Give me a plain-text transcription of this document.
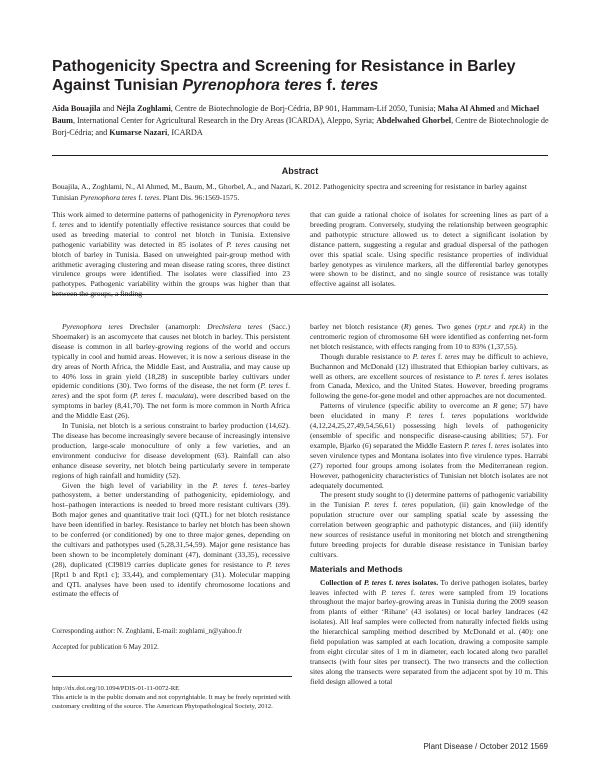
Pathogenicity Spectra and Screening for Resistance in Barley
Against Tunisian Pyrenophora teres f. teres
Aida Bouajila and Néjla Zoghlami, Centre de Biotechnologie de Borj-Cédria, BP 901, Hammam-Lif 2050, Tunisia; Maha Al Ahmed and Michael Baum, International Center for Agricultural Research in the Dry Areas (ICARDA), Aleppo, Syria; Abdelwahed Ghorbel, Centre de Biotechnologie de Borj-Cédria; and Kumarse Nazari, ICARDA
Abstract
Bouajila, A., Zoghlami, N., Al Ahmed, M., Baum, M., Ghorbel, A., and Nazari, K. 2012. Pathogenicity spectra and screening for resistance in barley against Tunisian Pyrenophora teres f. teres. Plant Dis. 96:1569-1575.
This work aimed to determine patterns of pathogenicity in Pyrenophora teres f. teres and to identify potentially effective resistance sources that could be used as breeding material to control net blotch in Tunisia. Extensive pathogenic variability was detected in 85 isolates of P. teres causing net blotch of barley in Tunisia. Based on unweighted pair-group method with arithmetic averaging clustering and mean disease rating scores, three distinct virulence groups were identified. The isolates were classified into 23 pathotypes. Pathogenic variability within the groups was higher than that between the groups, a finding
that can guide a rational choice of isolates for screening lines as part of a breeding program. Conversely, studying the relationship between geographic and pathotypic structure allowed us to detect a significant isolation by distance pattern, suggesting a regular and gradual dispersal of the pathogen over this spatial scale. Using specific resistance properties of individual barley genotypes as virulence markers, all the differential barley genotypes were shown to be distinct, and no single source of resistance was totally effective against all isolates.

Pyrenophora teres Drechsler (anamorph: Drechslera teres (Sacc.) Shoemaker) is an ascomycete that causes net blotch in barley. This persistent disease is common in all barley-growing regions of the world and occurs typically in cool and humid areas. However, it is now a serious disease in the dry areas of North Africa, the Middle East, and Australia, and may cause up to 40% loss in grain yield (18,28) in susceptible barley cultivars under epidemic conditions (30). Two forms of the disease, the net form (P. teres f. teres) and the spot form (P. teres f. maculata), were described based on the symptoms in barley (8,41,70). The net form is more common in North Africa and the Middle East (26).

In Tunisia, net blotch is a serious constraint to barley production (14,62). The disease has become increasingly severe because of increasingly intensive production, large-scale monoculture of only a few varieties, and an environment conducive for disease development (63). Rainfall can also enhance disease severity, net blotch being particularly severe in temperate regions of high rainfall and humidity (52).

Given the high level of variability in the P. teres f. teres–barley pathosystem, a better understanding of pathogenicity, epidemiology, and host–pathogen interactions is needed to breed more resistant cultivars (39). Both major genes and quantitative trait loci (QTL) for net blotch resistance have been identified in barley. Resistance to barley net blotch has been shown to be conferred (or conditioned) by one to three major genes, depending on the cultivars and pathotypes used (5,28,31,54,59). Major gene resistance has been shown to be incompletely dominant (47), dominant (33,35), recessive (28), duplicated (CI9819 carries duplicate genes for resistance to P. teres [Rpt1 b and Rpt1 c]; 33,44), and complementary (31). Molecular mapping and QTL analyses have been used to identify chromosome locations and estimate the effects of

Corresponding author: N. Zoghlami, E-mail: zoghlami_n@yahoo.fr
Accepted for publication 6 May 2012.
http://dx.doi.org/10.1094/PDIS-01-11-0072-RE
This article is in the public domain and not copyrightable. It may be freely reprinted with customary crediting of the source. The American Phytopathological Society, 2012.

barley net blotch resistance (R) genes. Two genes (rpt.r and rpt.k) in the centromeric region of chromosome 6H were identified as conferring net-form net blotch resistance, with effects ranging from 10 to 83% (1,37,55).

Though durable resistance to P. teres f. teres may be difficult to achieve, Buchannon and McDonald (12) illustrated that Ethiopian barley cultivars, as well as others, are excellent sources of resistance to P. teres f. teres isolates from Canada, Mexico, and the United States. However, breeding programs following the gene-for-gene model and other approaches are not documented.

Patterns of virulence (specific ability to overcome an R gene; 57) have been elucidated in many P. teres f. teres populations worldwide (4,12,24,25,27,49,54,56,61) possessing high levels of pathogenicity (ensemble of specific and nonspecific disease-causing abilities; 57). For example, Bjarko (6) separated the Middle Eastern P. teres f. teres isolates into seven virulence types and Montana isolates into five virulence types. Harrabi (27) reported four groups among isolates from the Mediterranean region. However, pathogenicity characteristics of Tunisian net blotch isolates are not adequately documented.

The present study sought to (i) determine patterns of pathogenic variability in the Tunisian P. teres f. teres population, (ii) gain knowledge of the population structure over our sampling spatial scale by assessing the correlation between geographic and pathotypic distances, and (iii) identify new sources of resistance useful in monitoring net blotch and strengthening future breeding projects for durable disease resistance in Tunisian barley cultivars.

Materials and Methods

Collection of P. teres f. teres isolates. To derive pathogen isolates, barley leaves infected with P. teres f. teres were sampled from 19 locations throughout the major barley-growing areas in Tunisia during the 2009 season from plants of either ‘Rihane’ (43 isolates) or local barley landraces (42 isolates). All leaf samples were collected from naturally infected fields using the hierarchical sampling method described by McDonald et al. (40): one field population was sampled at each location, drawing a composite sample from eight circular sites of 1 m in diameter, each located along two parallel transects (with four sites per transect). The two transects and the collection sites along the transects were separated from the adjacent spot by 10 m. This field design allowed a total

Plant Disease / October 2012 1569
